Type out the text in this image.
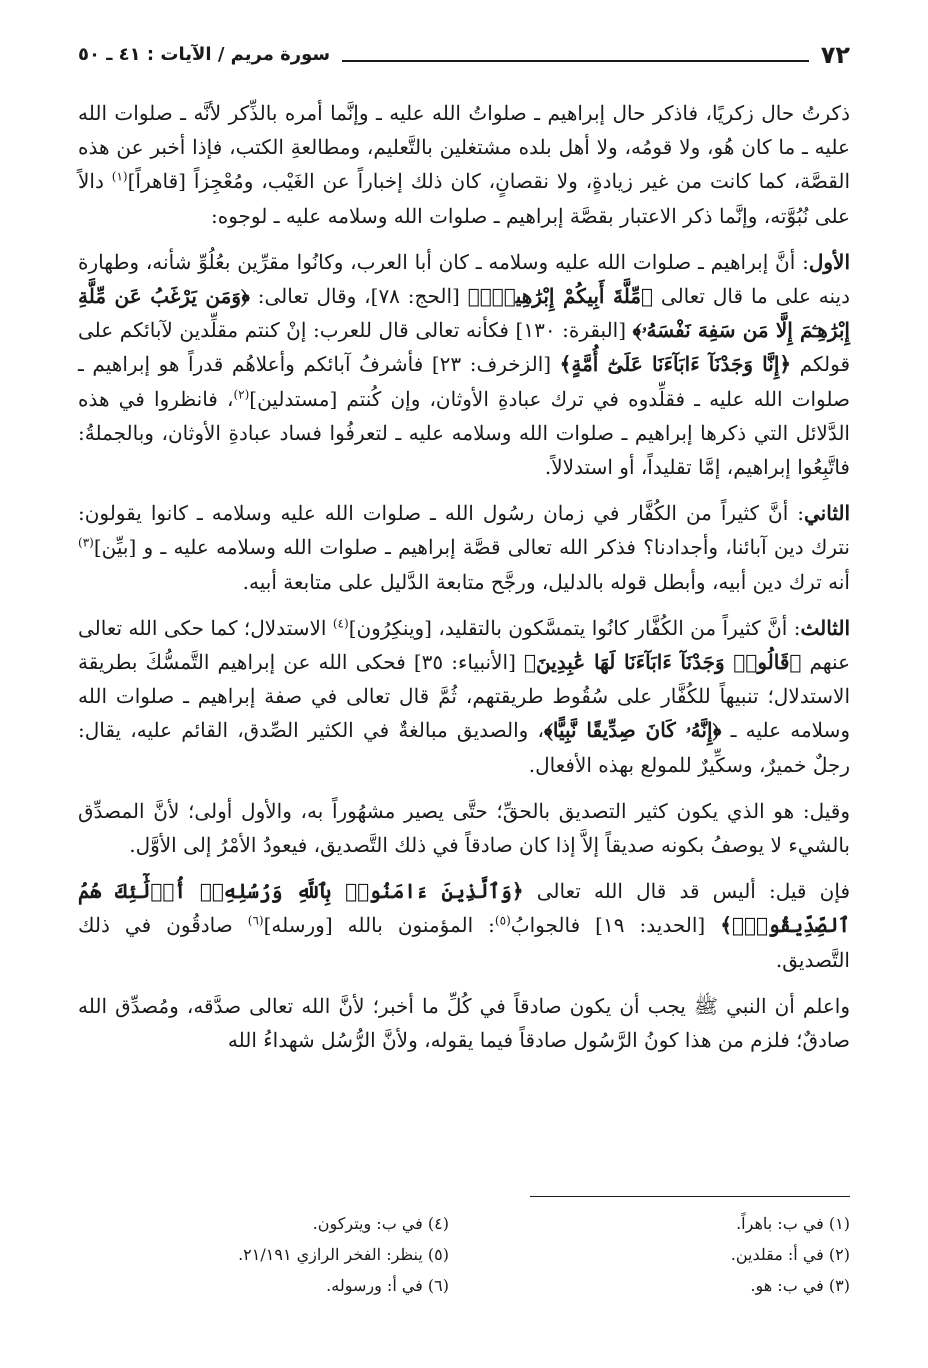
٧٢
سورة مريم / الآيات : ٤١ ـ ٥٠

ذكرتُ حال زكريًا، فاذكر حال إبراهيم ـ صلواتُ الله عليه ـ وإنَّما أمره بالذِّكر لأنَّه ـ صلوات الله عليه ـ ما كان هُو، ولا قومُه، ولا أهل بلده مشتغلين بالتَّعليم، ومطالعةِ الكتب، فإذا أخبر عن هذه القصَّة، كما كانت من غير زيادةٍ، ولا نقصانٍ، كان ذلك إخباراً عن الغَيْب، ومُعْجِزاً [قاهراً]$^{(١)}$ دالاً على نُبُوَّته، وإنَّما ذكر الاعتبار بقصَّة إبراهيم ـ صلوات الله وسلامه عليه ـ لوجوه:

الأول: أنَّ إبراهيم ـ صلوات الله عليه وسلامه ـ كان أبا العرب، وكانُوا مقرِّين بعُلُوِّ شأنه، وطهارة دينه على ما قال تعالى ﴿مِّلَّةَ أَبِيكُمْ إِبْرَٰهِيمَۚ﴾ [الحج: ٧٨]، وقال تعالى: ﴿وَمَن يَرْغَبُ عَن مِّلَّةِ إِبْرَٰهِـۧمَ إِلَّا مَن سَفِهَ نَفْسَهُۥ﴾ [البقرة: ١٣٠] فكأنه تعالى قال للعرب: إنْ كنتم مقلِّدين لآبائكم على قولكم ﴿إِنَّا وَجَدْنَآ ءَابَآءَنَا عَلَىٰٓ أُمَّةٍ﴾ [الزخرف: ٢٣] فأشرفُ آبائكم وأعلاهُم قدراً هو إبراهيم ـ صلوات الله عليه ـ فقلِّدوه في ترك عبادةِ الأوثان، وإن كُنتم [مستدلين]$^{(٢)}$، فانظروا في هذه الدَّلائل التي ذكرها إبراهيم ـ صلوات الله وسلامه عليه ـ لتعرفُوا فساد عبادةِ الأوثان، وبالجملةُ: فاتَّبِعُوا إبراهيم، إمَّا تقليداً، أو استدلالاً.

الثاني: أنَّ كثيراً من الكُفَّار في زمان رسُول الله ـ صلوات الله عليه وسلامه ـ كانوا يقولون: نترك دين آبائنا، وأجدادنا؟ فذكر الله تعالى قصَّة إبراهيم ـ صلوات الله وسلامه عليه ـ و [بيِّن]$^{(٣)}$ أنه ترك دين أبيه، وأبطل قوله بالدليل، ورجَّح متابعة الدَّليل على متابعة أبيه.

الثالث: أنَّ كثيراً من الكُفَّار كانُوا يتمسَّكون بالتقليد، [وينكِرُون]$^{(٤)}$ الاستدلال؛ كما حكى الله تعالى عنهم ﴿قَالُوا۟ وَجَدْنَآ ءَابَآءَنَا لَهَا عَٰبِدِينَ﴾ [الأنبياء: ٣٥] فحكى الله عن إبراهيم التَّمسُّكَ بطريقة الاستدلال؛ تنبيهاً للكُفَّار على سُقُوط طريقتهم، ثُمَّ قال تعالى في صفة إبراهيم ـ صلوات الله وسلامه عليه ـ ﴿إِنَّهُۥ كَانَ صِدِّيقًا نَّبِيًّا﴾، والصديق مبالغةٌ في الكثير الصِّدق، القائم عليه، يقال: رجلٌ خميرٌ، وسكِّيرٌ للمولع بهذه الأفعال.

وقيل: هو الذي يكون كثير التصديق بالحقِّ؛ حتَّى يصير مشهُوراً به، والأول أولى؛ لأنَّ المصدِّق بالشيء لا يوصفُ بكونه صديقاً إلاَّ إذا كان صادقاً في ذلك التَّصديق، فيعودُ الأمْرُ إلى الأوَّل.

فإن قيل: أليس قد قال الله تعالى ﴿وَٱلَّذِينَ ءَامَنُوا۟ بِٱللَّهِ وَرُسُلِهِۦٓ أُو۟لَٰٓئِكَ هُمُ ٱلصِّدِّيقُونَۖ﴾ [الحديد: ١٩] فالجوابُ$^{(٥)}$: المؤمنون بالله [ورسله]$^{(٦)}$ صادقُون في ذلك التَّصديق.

واعلم أن النبي ﷺ يجب أن يكون صادقاً في كُلِّ ما أخبر؛ لأنَّ الله تعالى صدَّقه، ومُصدِّق الله صادقٌ؛ فلزم من هذا كونُ الرَّسُول صادقاً فيما يقوله، ولأنَّ الرُّسُل شهداءُ الله

(١) في ب: باهراً.
(٤) في ب: ويتركون.
(٢) في أ: مقلدين.
(٥) ينظر: الفخر الرازي ٢١/١٩١.
(٣) في ب: هو.
(٦) في أ: ورسوله.
